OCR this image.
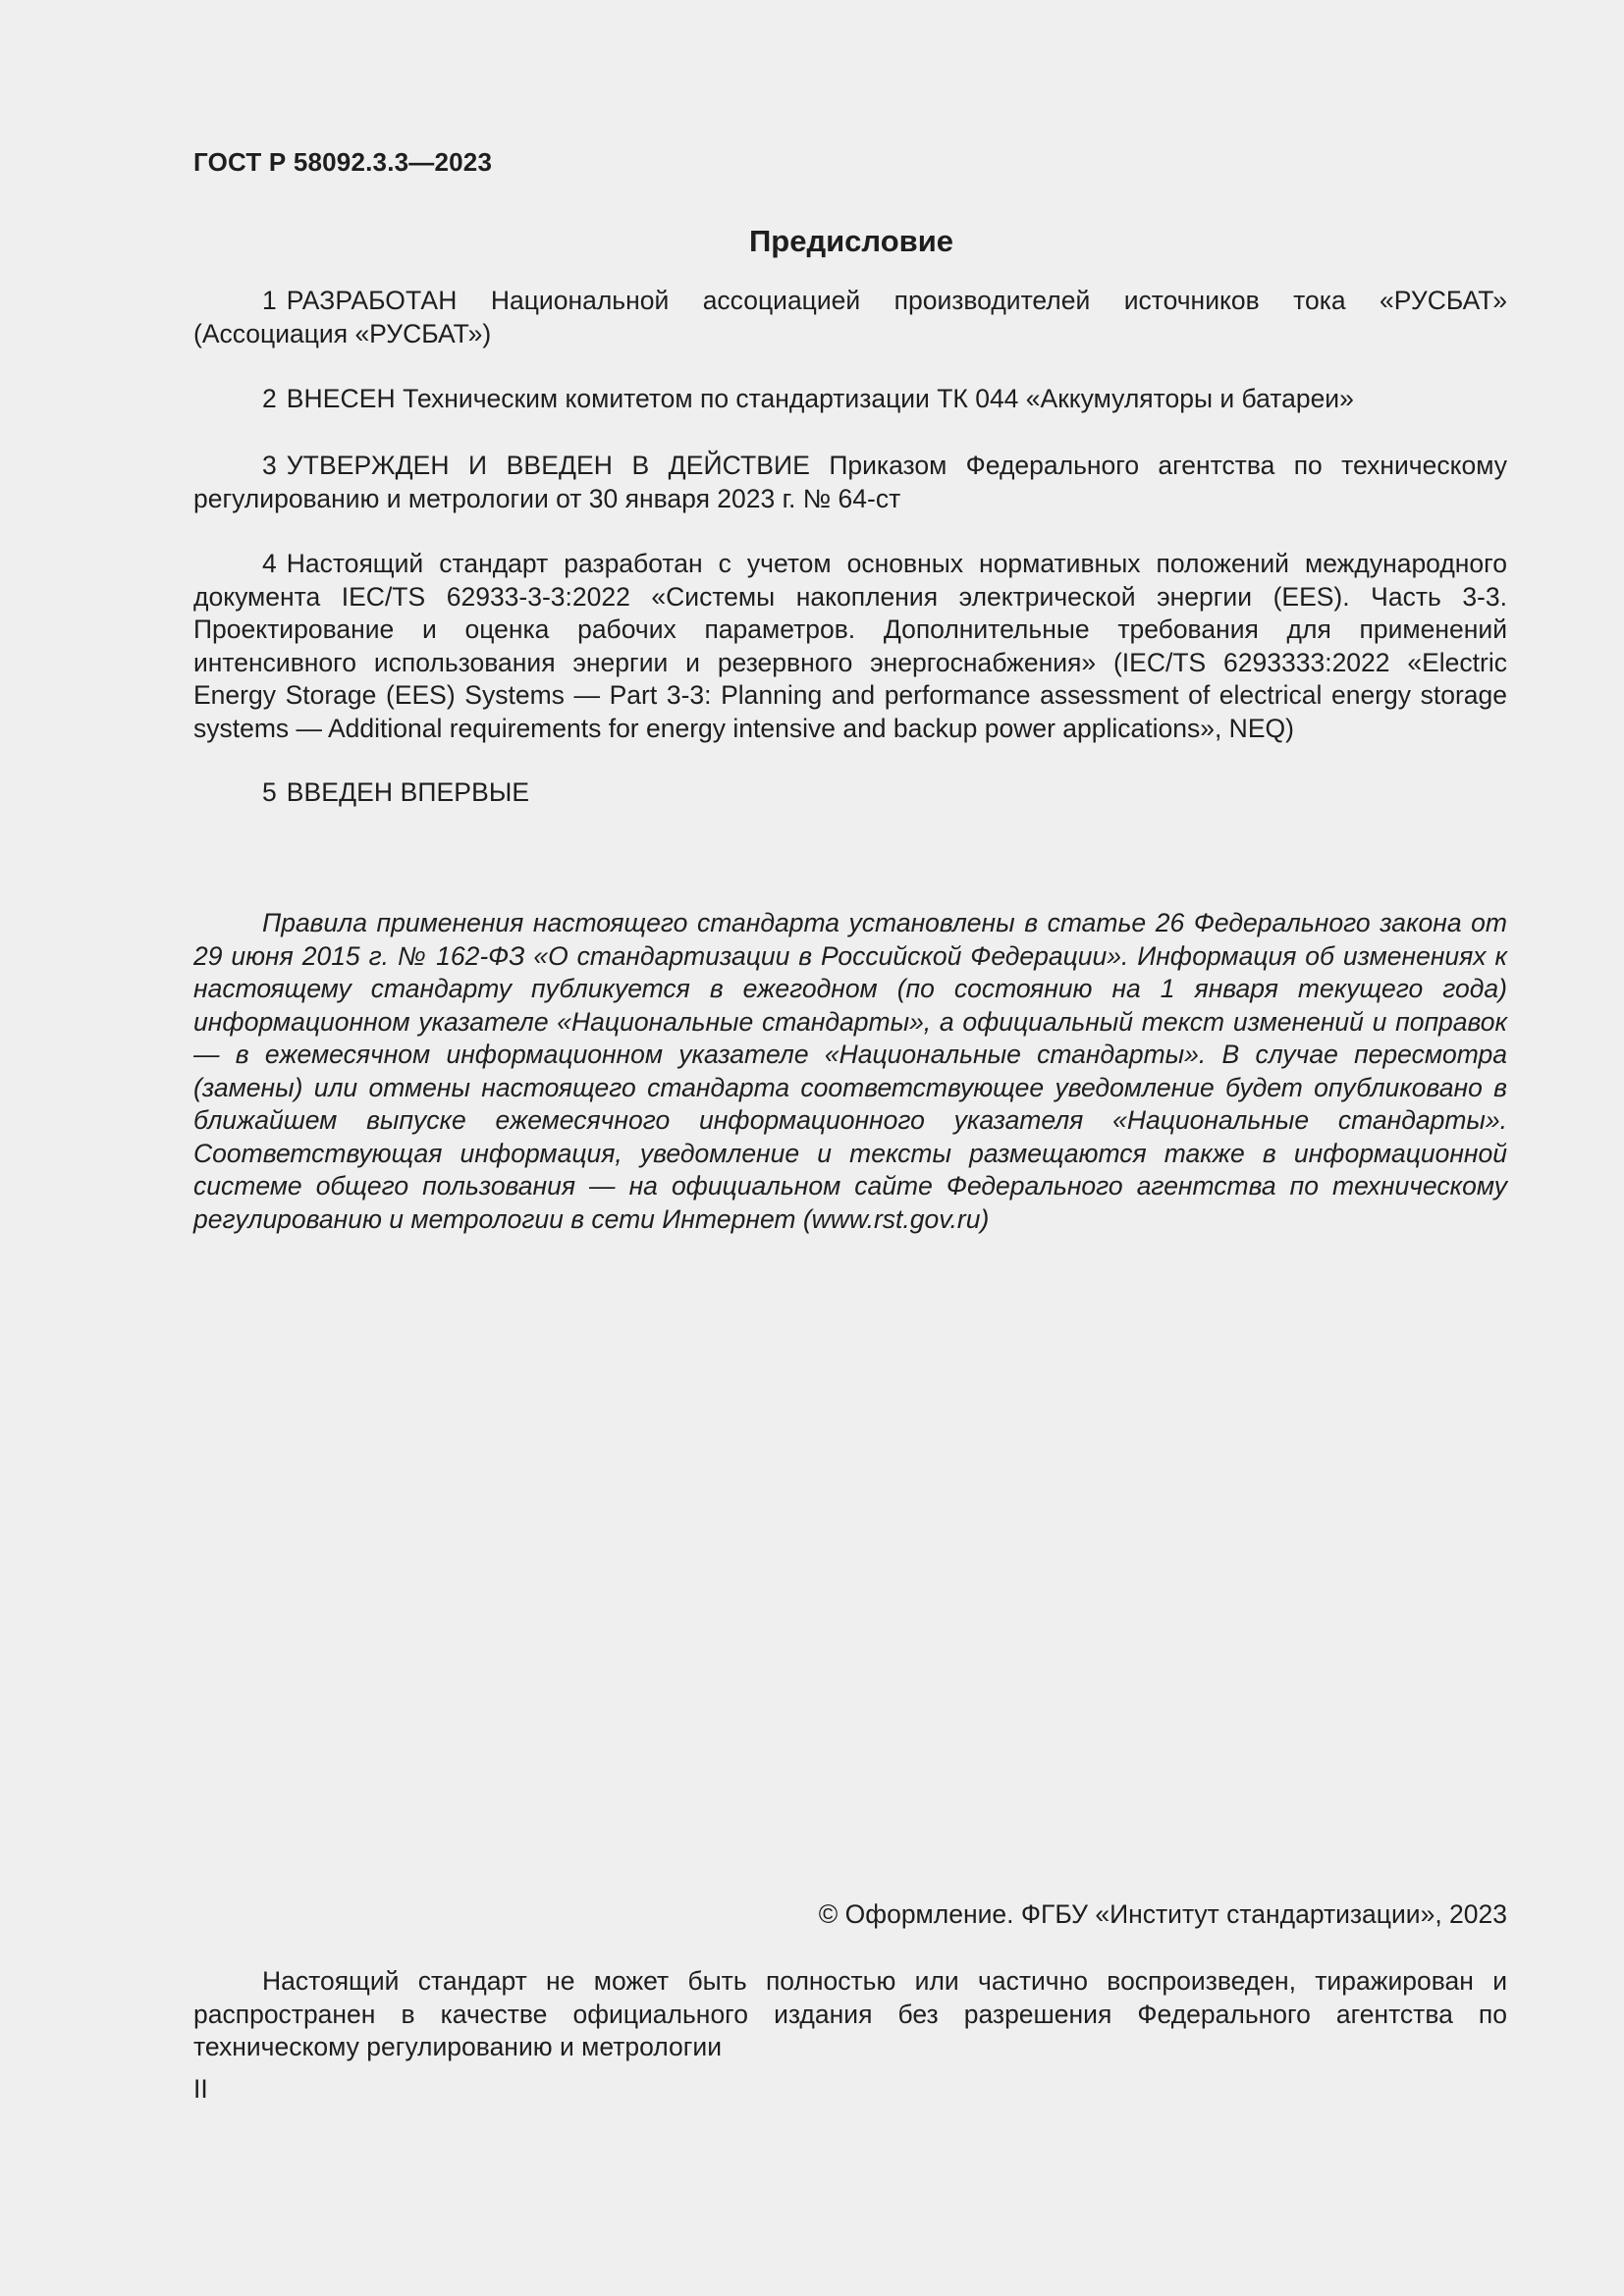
ГОСТ Р 58092.3.3—2023
Предисловие

1 РАЗРАБОТАН Национальной ассоциацией производителей источников тока «РУСБАТ» (Ассоциация «РУСБАТ»)

2 ВНЕСЕН Техническим комитетом по стандартизации ТК 044 «Аккумуляторы и батареи»

3 УТВЕРЖДЕН И ВВЕДЕН В ДЕЙСТВИЕ Приказом Федерального агентства по техническому регулированию и метрологии от 30 января 2023 г. № 64-ст

4 Настоящий стандарт разработан с учетом основных нормативных положений международного документа IEC/TS 62933-3-3:2022 «Системы накопления электрической энергии (EES). Часть 3-3. Проектирование и оценка рабочих параметров. Дополнительные требования для применений интенсивного использования энергии и резервного энергоснабжения» (IEC/TS 6293333:2022 «Electric Energy Storage (EES) Systems — Part 3-3: Planning and performance assessment of electrical energy storage systems — Additional requirements for energy intensive and backup power applications», NEQ)

5 ВВЕДЕН ВПЕРВЫЕ

Правила применения настоящего стандарта установлены в статье 26 Федерального закона от 29 июня 2015 г. № 162-ФЗ «О стандартизации в Российской Федерации». Информация об изменениях к настоящему стандарту публикуется в ежегодном (по состоянию на 1 января текущего года) информационном указателе «Национальные стандарты», а официальный текст изменений и поправок — в ежемесячном информационном указателе «Национальные стандарты». В случае пересмотра (замены) или отмены настоящего стандарта соответствующее уведомление будет опубликовано в ближайшем выпуске ежемесячного информационного указателя «Национальные стандарты». Соответствующая информация, уведомление и тексты размещаются также в информационной системе общего пользования — на официальном сайте Федерального агентства по техническому регулированию и метрологии в сети Интернет (www.rst.gov.ru)

© Оформление. ФГБУ «Институт стандартизации», 2023

Настоящий стандарт не может быть полностью или частично воспроизведен, тиражирован и распространен в качестве официального издания без разрешения Федерального агентства по техническому регулированию и метрологии

II
